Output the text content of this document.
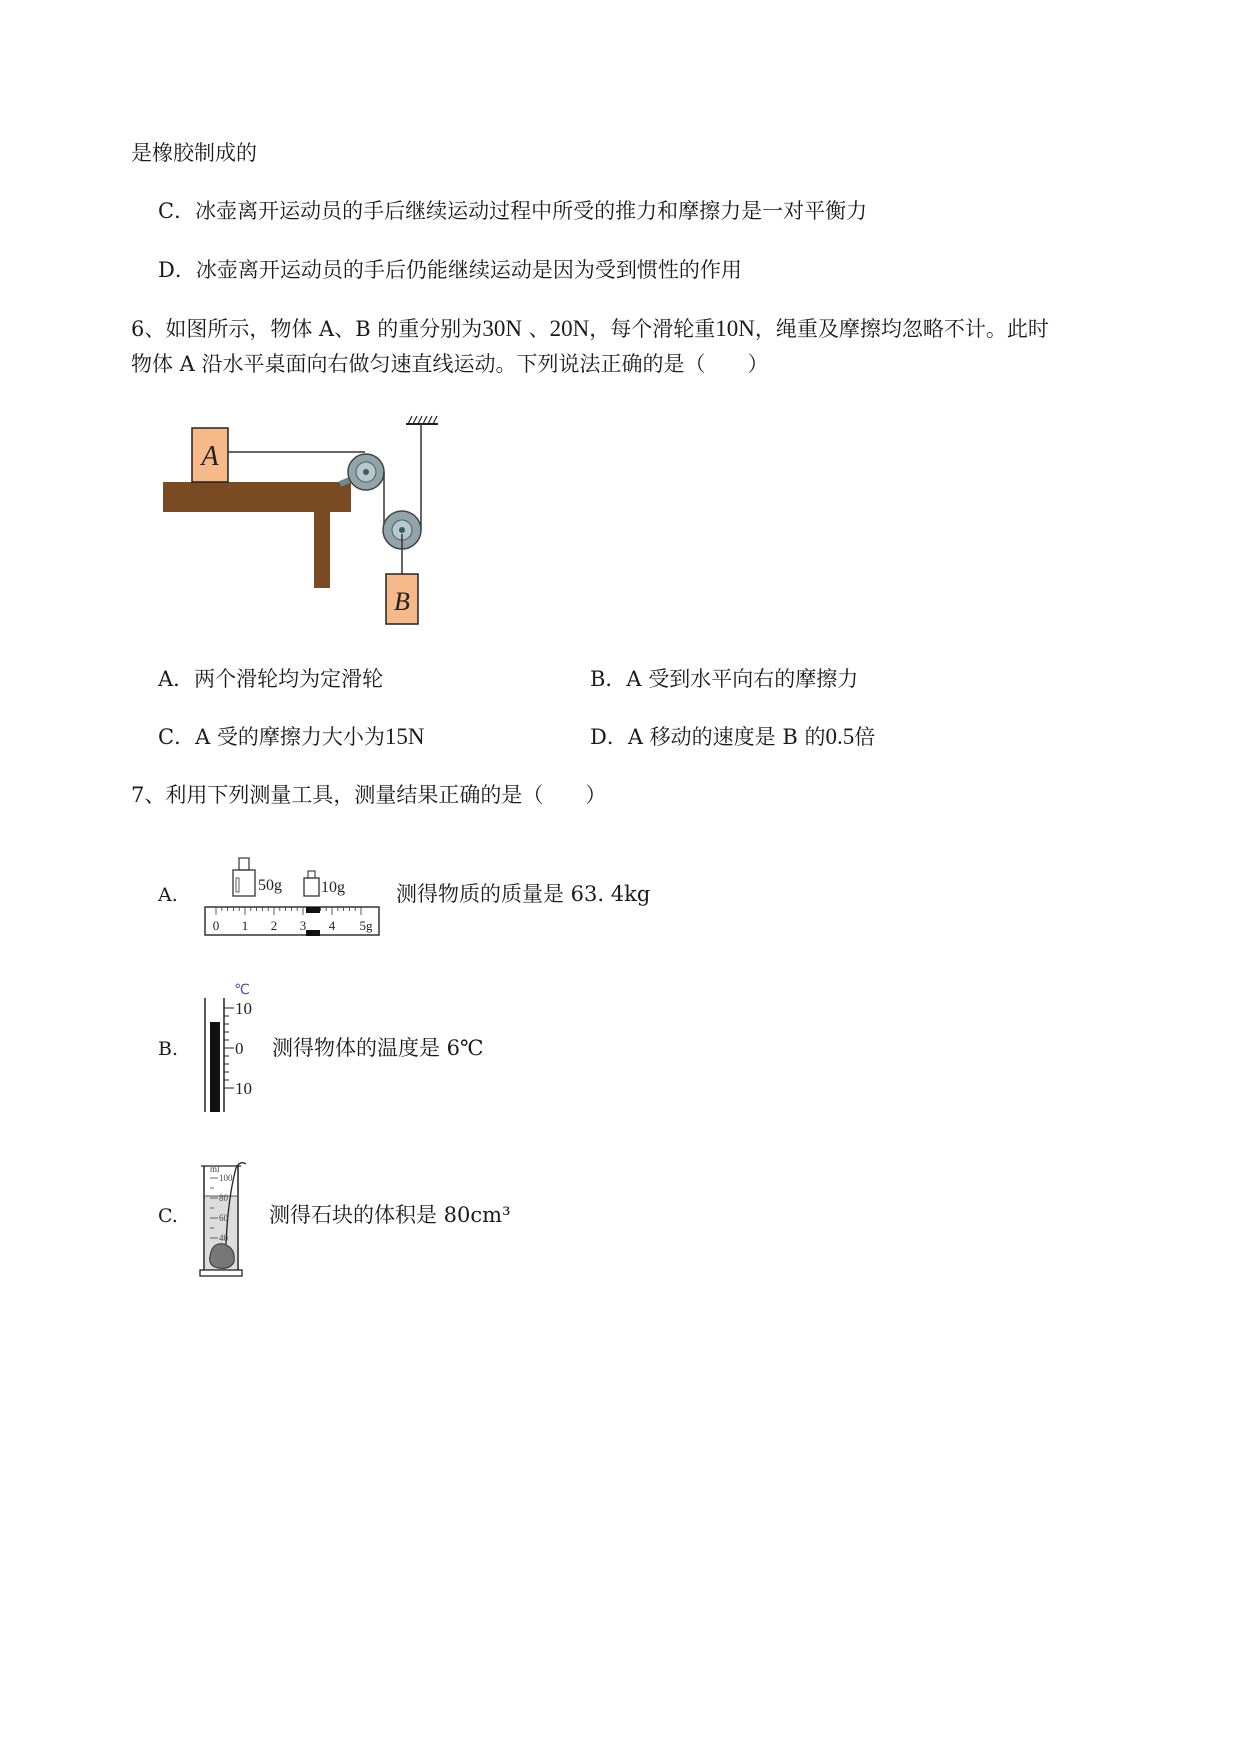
是橡胶制成的
C．冰壶离开运动员的手后继续运动过程中所受的推力和摩擦力是一对平衡力
D．冰壶离开运动员的手后仍能继续运动是因为受到惯性的作用
6、如图所示，物体 A、B 的重分别为30N 、20N，每个滑轮重10N，绳重及摩擦均忽略不计。此时
物体 A 沿水平桌面向右做匀速直线运动。下列说法正确的是（　　）
A
B
A．两个滑轮均为定滑轮	B．A 受到水平向右的摩擦力
C．A 受的摩擦力大小为15N	D．A 移动的速度是 B 的0.5倍
7、利用下列测量工具，测量结果正确的是（　　）
A.	50g 10g
0 1 2 3 4 5g
测得物质的质量是 63. 4kg
B.
℃
10
0
10
测得物体的温度是 6℃
C.
ml
100
80
60
40
测得石块的体积是 80cm³
